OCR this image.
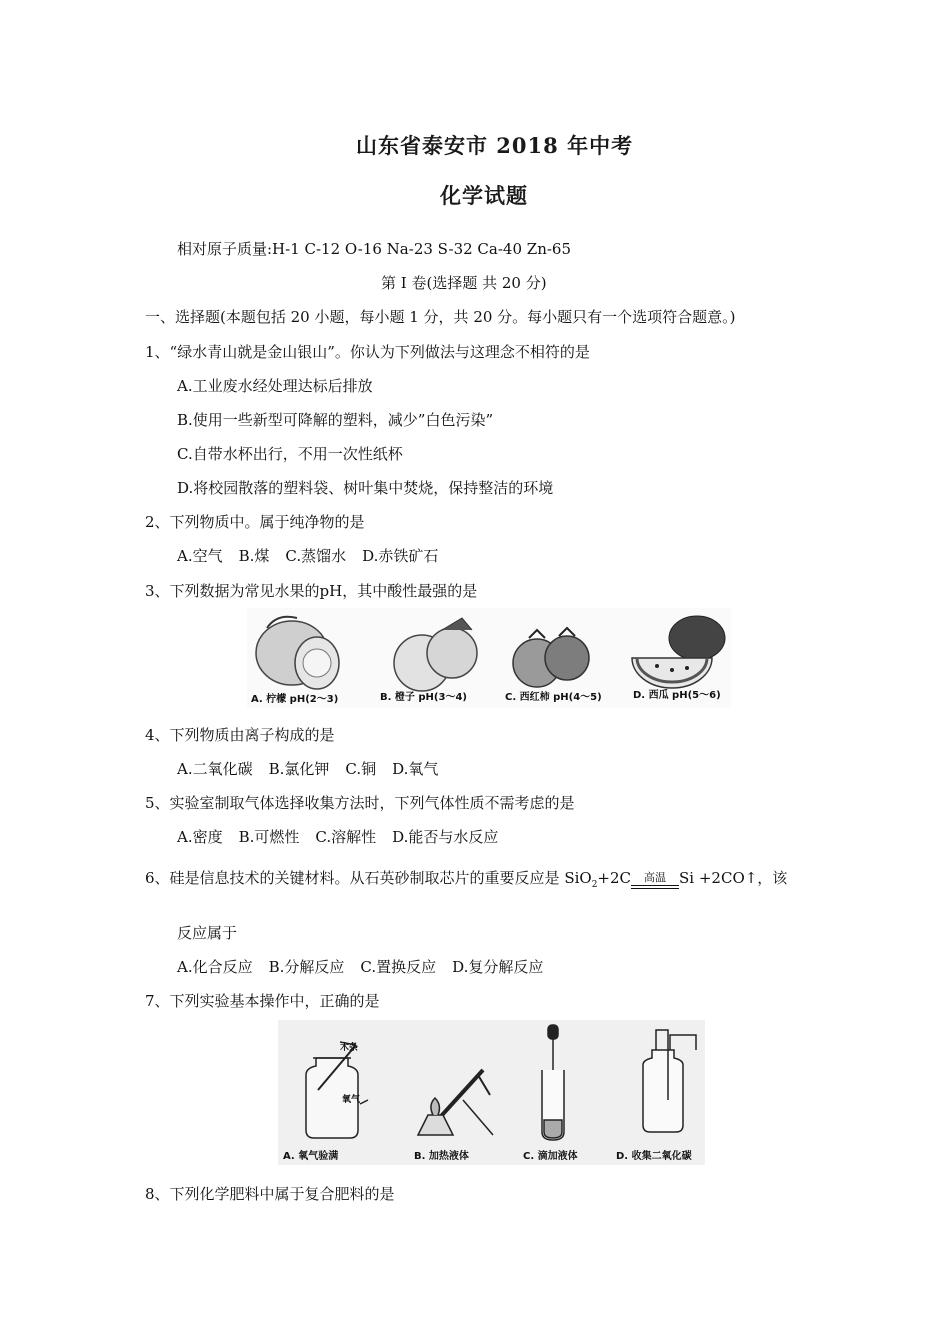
山东省泰安市 2018 年中考
化学试题
相对原子质量:H-1 C-12 O-16 Na-23 S-32 Ca-40 Zn-65
第 I 卷(选择题 共 20 分)
一、选择题(本题包括 20 小题，每小题 1 分，共 20 分。每小题只有一个选项符合题意。)
1、“绿水青山就是金山银山”。你认为下列做法与这理念不相符的是
A.工业废水经处理达标后排放
B.使用一些新型可降解的塑料，减少”白色污染”
C.自带水杯出行，不用一次性纸杯
D.将校园散落的塑料袋、树叶集中焚烧，保持整洁的环境
2、下列物质中。属于纯净物的是
A.空气 B.煤 C.蒸馏水 D.赤铁矿石
3、下列数据为常见水果的pH，其中酸性最强的是
A. 柠檬 pH(2～3)	B. 橙子 pH(3～4)	C. 西红柿 pH(4～5)	D. 西瓜 pH(5～6)
4、下列物质由离子构成的是
A.二氧化碳 B.氯化钾 C.铜 D.氧气
5、实验室制取气体选择收集方法时，下列气体性质不需考虑的是
A.密度 B.可燃性 C.溶解性 D.能否与水反应
6、硅是信息技术的关键材料。从石英砂制取芯片的重要反应是 SiO$_2$+2C	高温 Si +2CO↑，该
反应属于
A.化合反应 B.分解反应 C.置换反应 D.复分解反应
7、下列实验基本操作中，正确的是
木条
氧气
A. 氧气验满	B. 加热液体	C. 滴加液体	D. 收集二氧化碳
8、下列化学肥料中属于复合肥料的是
